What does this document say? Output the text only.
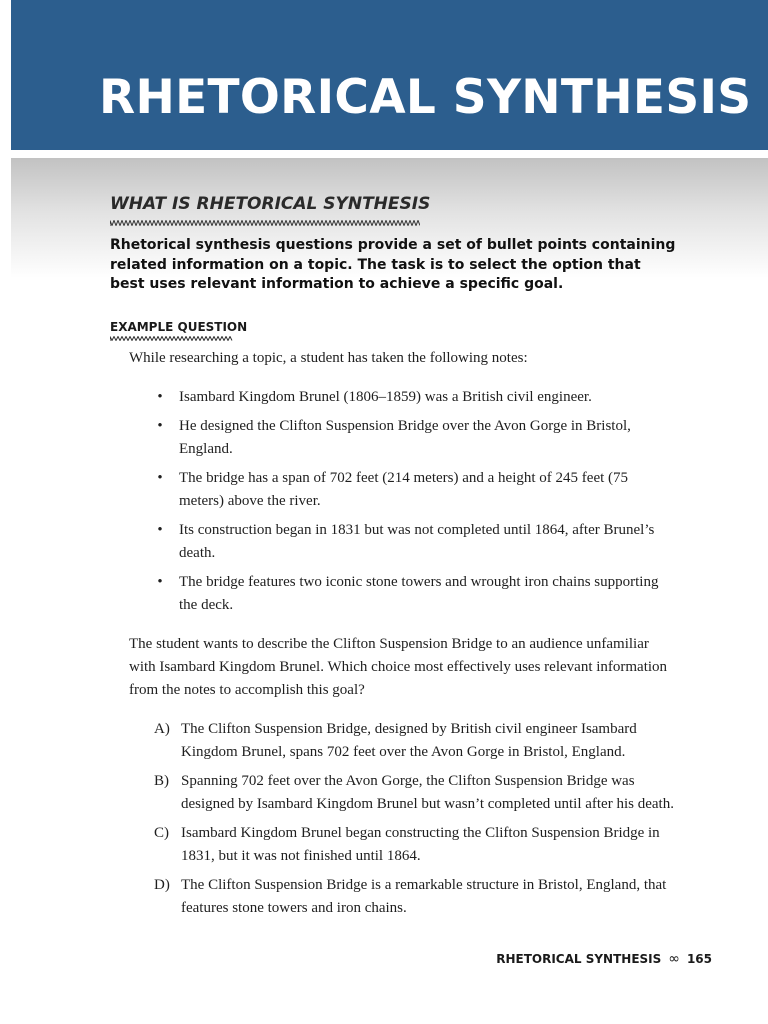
RHETORICAL SYNTHESIS
WHAT IS RHETORICAL SYNTHESIS

Rhetorical synthesis questions provide a set of bullet points containing related information on a topic. The task is to select the option that best uses relevant information to achieve a specific goal.

EXAMPLE QUESTION

While researching a topic, a student has taken the following notes:

• Isambard Kingdom Brunel (1806–1859) was a British civil engineer.
• He designed the Clifton Suspension Bridge over the Avon Gorge in Bristol, England.
• The bridge has a span of 702 feet (214 meters) and a height of 245 feet (75 meters) above the river.
• Its construction began in 1831 but was not completed until 1864, after Brunel’s death.
• The bridge features two iconic stone towers and wrought iron chains supporting the deck.

The student wants to describe the Clifton Suspension Bridge to an audience unfamiliar with Isambard Kingdom Brunel. Which choice most effectively uses relevant information from the notes to accomplish this goal?

A) The Clifton Suspension Bridge, designed by British civil engineer Isambard Kingdom Brunel, spans 702 feet over the Avon Gorge in Bristol, England.
B) Spanning 702 feet over the Avon Gorge, the Clifton Suspension Bridge was designed by Isambard Kingdom Brunel but wasn’t completed until after his death.
C) Isambard Kingdom Brunel began constructing the Clifton Suspension Bridge in 1831, but it was not finished until 1864.
D) The Clifton Suspension Bridge is a remarkable structure in Bristol, England, that features stone towers and iron chains.
RHETORICAL SYNTHESIS ∞ 165
